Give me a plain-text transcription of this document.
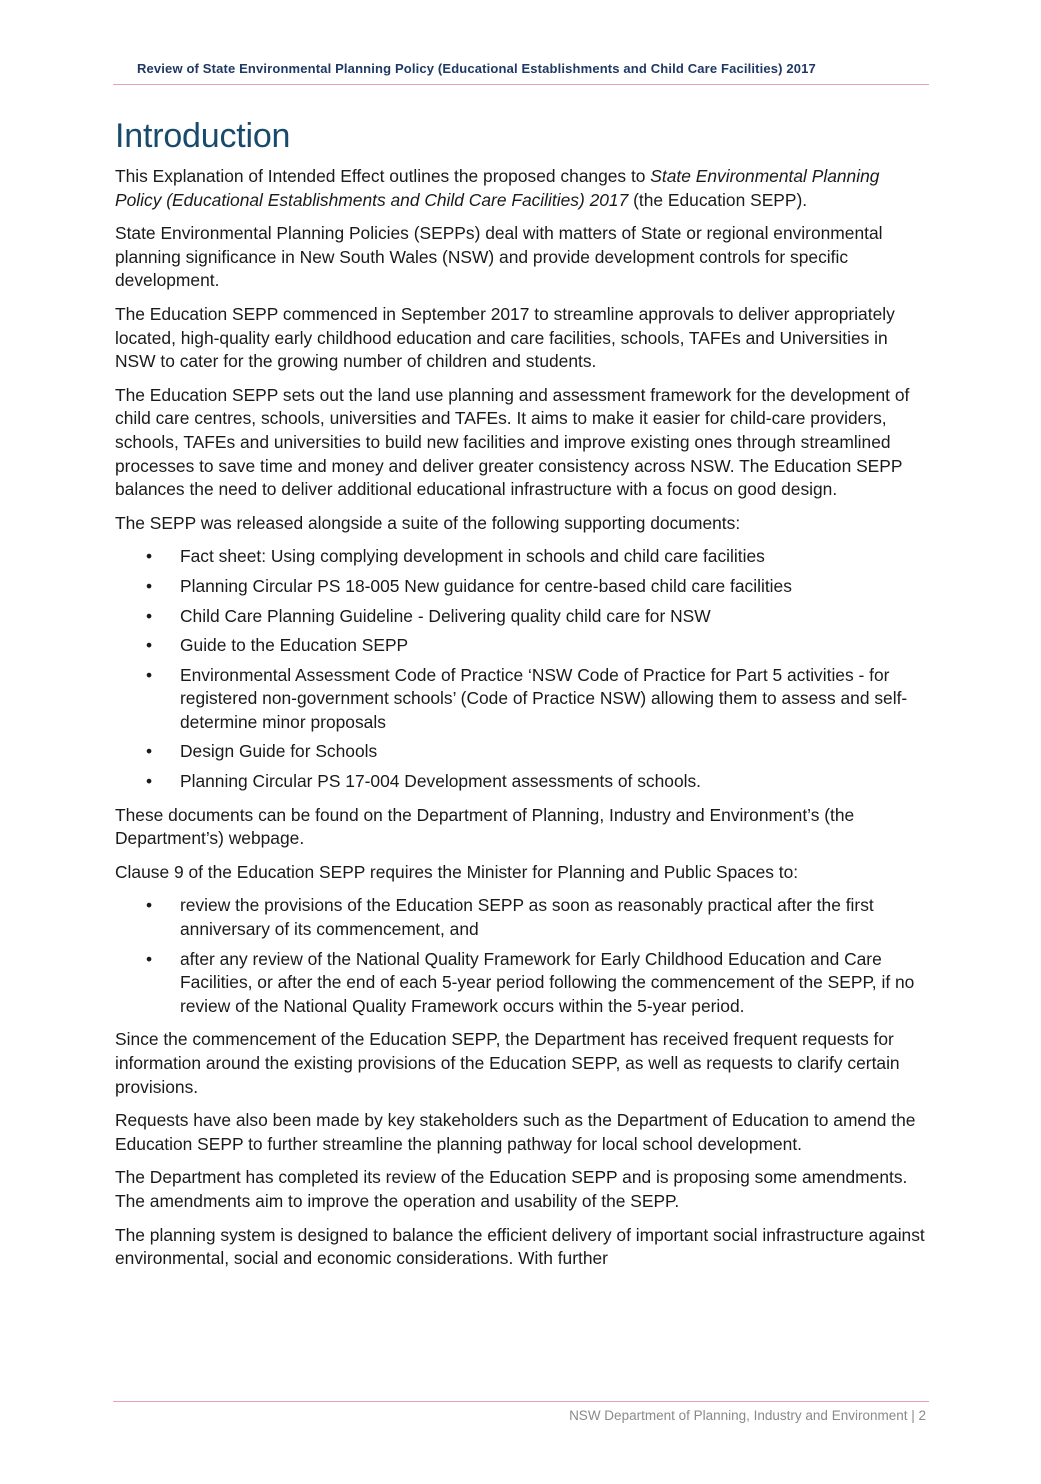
Review of State Environmental Planning Policy (Educational Establishments and Child Care Facilities) 2017
Introduction

This Explanation of Intended Effect outlines the proposed changes to State Environmental Planning Policy (Educational Establishments and Child Care Facilities) 2017 (the Education SEPP).

State Environmental Planning Policies (SEPPs) deal with matters of State or regional environmental planning significance in New South Wales (NSW) and provide development controls for specific development.

The Education SEPP commenced in September 2017 to streamline approvals to deliver appropriately located, high-quality early childhood education and care facilities, schools, TAFEs and Universities in NSW to cater for the growing number of children and students.

The Education SEPP sets out the land use planning and assessment framework for the development of child care centres, schools, universities and TAFEs. It aims to make it easier for child-care providers, schools, TAFEs and universities to build new facilities and improve existing ones through streamlined processes to save time and money and deliver greater consistency across NSW. The Education SEPP balances the need to deliver additional educational infrastructure with a focus on good design.

The SEPP was released alongside a suite of the following supporting documents:

• Fact sheet: Using complying development in schools and child care facilities
• Planning Circular PS 18-005 New guidance for centre-based child care facilities
• Child Care Planning Guideline - Delivering quality child care for NSW
• Guide to the Education SEPP
• Environmental Assessment Code of Practice ‘NSW Code of Practice for Part 5 activities - for registered non-government schools’ (Code of Practice NSW) allowing them to assess and self-determine minor proposals
• Design Guide for Schools
• Planning Circular PS 17-004 Development assessments of schools.

These documents can be found on the Department of Planning, Industry and Environment’s (the Department’s) webpage.

Clause 9 of the Education SEPP requires the Minister for Planning and Public Spaces to:

• review the provisions of the Education SEPP as soon as reasonably practical after the first anniversary of its commencement, and
• after any review of the National Quality Framework for Early Childhood Education and Care Facilities, or after the end of each 5-year period following the commencement of the SEPP, if no review of the National Quality Framework occurs within the 5-year period.

Since the commencement of the Education SEPP, the Department has received frequent requests for information around the existing provisions of the Education SEPP, as well as requests to clarify certain provisions.

Requests have also been made by key stakeholders such as the Department of Education to amend the Education SEPP to further streamline the planning pathway for local school development.

The Department has completed its review of the Education SEPP and is proposing some amendments. The amendments aim to improve the operation and usability of the SEPP.

The planning system is designed to balance the efficient delivery of important social infrastructure against environmental, social and economic considerations. With further

NSW Department of Planning, Industry and Environment | 2
